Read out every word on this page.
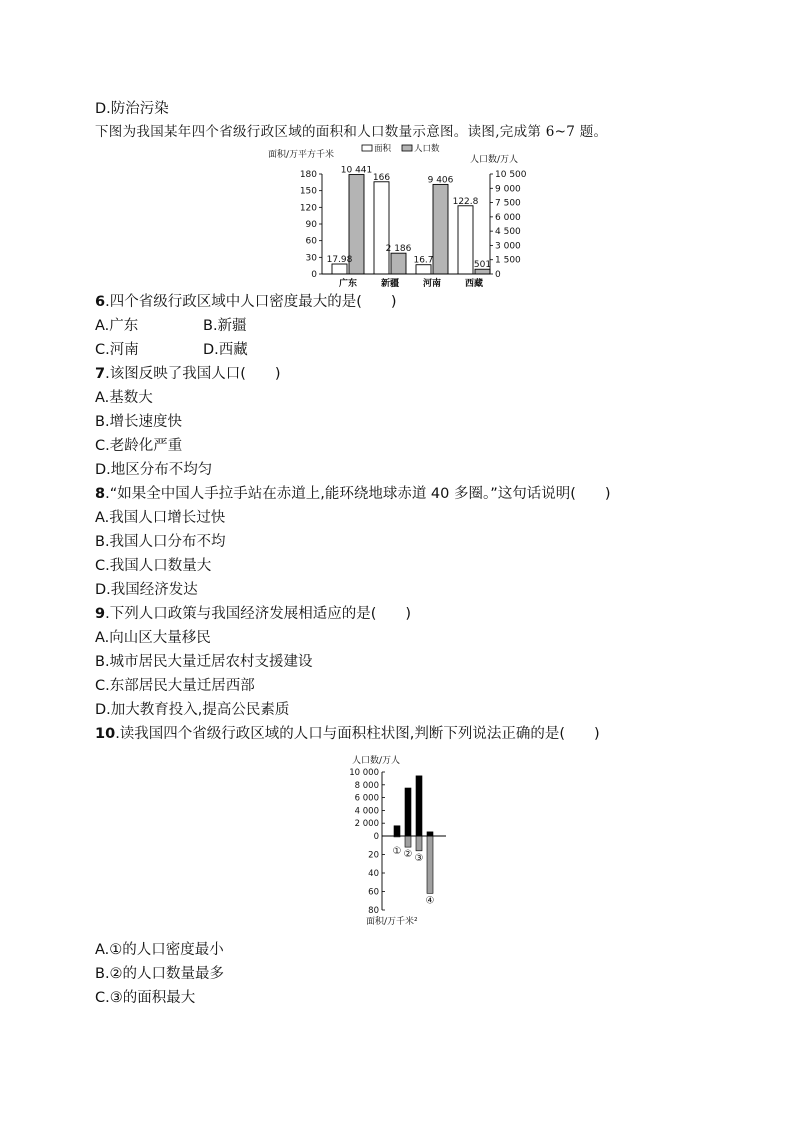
D.防治污染
下图为我国某年四个省级行政区域的面积和人口数量示意图。读图,完成第 6~7 题。
面积/万平方千米	人口数/万人
面积	人口数
17.98
10 441
广东
166
2 186
新疆
16.7
9 406
河南
122.8
501
西藏
180
150
120
90
60
30
0
10 500
9 000
7 500
6 000
4 500
3 000
1 500
0
6.四个省级行政区域中人口密度最大的是(　　)
A.广东	B.新疆
C.河南	D.西藏
7.该图反映了我国人口(　　)
A.基数大
B.增长速度快
C.老龄化严重
D.地区分布不均匀
8.“如果全中国人手拉手站在赤道上,能环绕地球赤道 40 多圈。”这句话说明(　　)
A.我国人口增长过快
B.我国人口分布不均
C.我国人口数量大
D.我国经济发达
9.下列人口政策与我国经济发展相适应的是(　　)
A.向山区大量移民
B.城市居民大量迁居农村支援建设
C.东部居民大量迁居西部
D.加大教育投入,提高公民素质
10.读我国四个省级行政区域的人口与面积柱状图,判断下列说法正确的是(　　)
人口数/万人
面积/万千米²
10 000
8 000
6 000
4 000
2 000
0
20
40
60
80
① ② ③
④
A.①的人口密度最小
B.②的人口数量最多
C.③的面积最大
